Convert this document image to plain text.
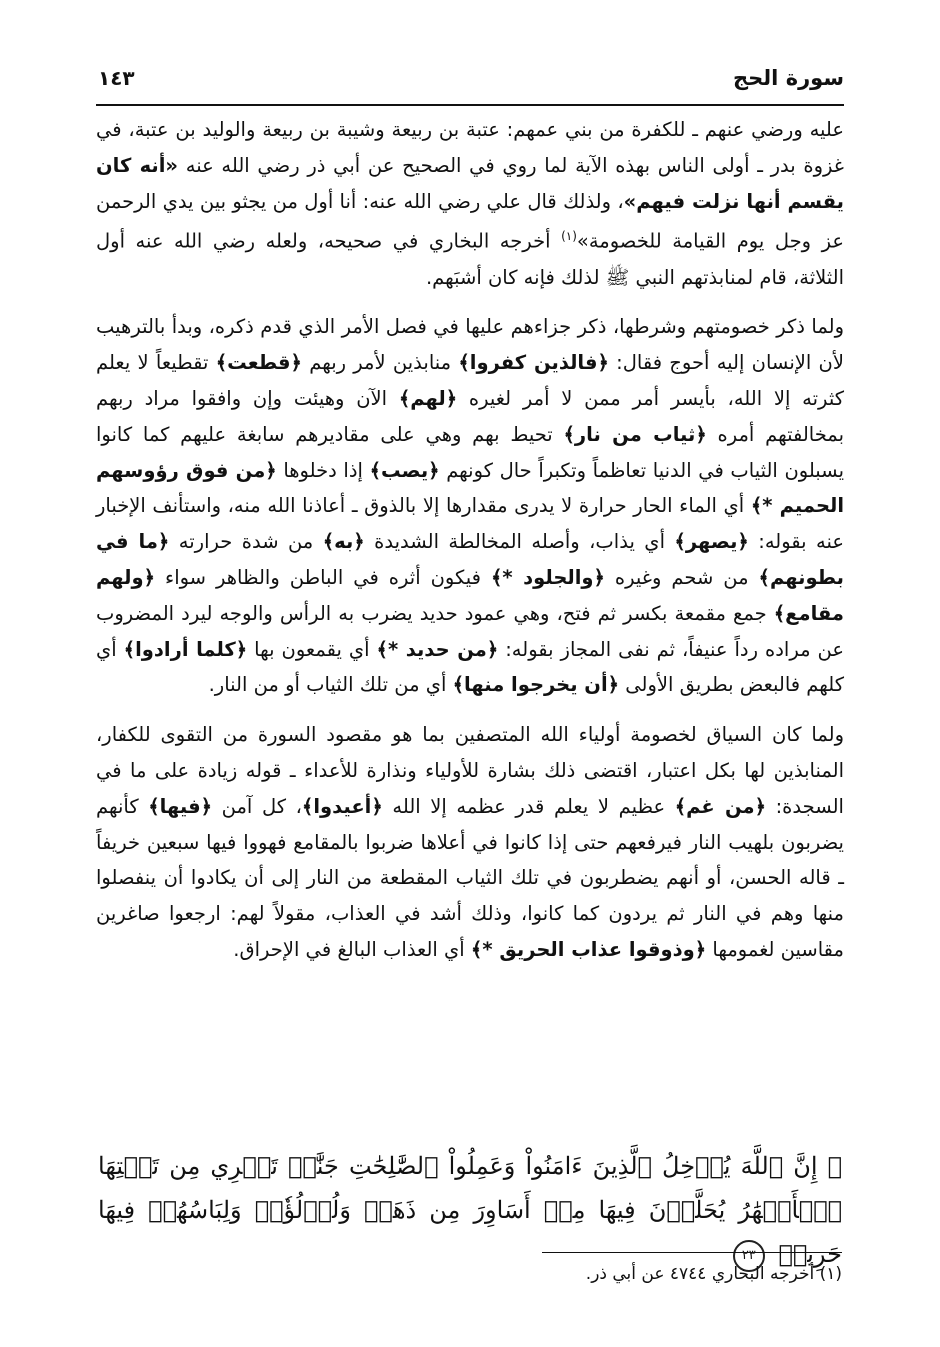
سورة الحج
١٤٣

عليه ورضي عنهم ـ للكفرة من بني عمهم: عتبة بن ربيعة وشيبة بن ربيعة والوليد بن عتبة، في غزوة بدر ـ أولى الناس بهذه الآية لما روي في الصحيح عن أبي ذر رضي الله عنه «أنه كان يقسم أنها نزلت فيهم»، ولذلك قال علي رضي الله عنه: أنا أول من يجثو بين يدي الرحمن عز وجل يوم القيامة للخصومة»$^{(١)}$ أخرجه البخاري في صحيحه، ولعله رضي الله عنه أول الثلاثة، قام لمنابذتهم النبي ﷺ لذلك فإنه كان أشبَهم.

ولما ذكر خصومتهم وشرطها، ذكر جزاءهم عليها في فصل الأمر الذي قدم ذكره، وبدأ بالترهيب لأن الإنسان إليه أحوج فقال: ﴿فالذين كفروا﴾ منابذين لأمر ربهم ﴿قطعت﴾ تقطيعاً لا يعلم كثرته إلا الله، بأيسر أمر ممن لا أمر لغيره ﴿لهم﴾ الآن وهيئت وإن وافقوا مراد ربهم بمخالفتهم أمره ﴿ثياب من نار﴾ تحيط بهم وهي على مقاديرهم سابغة عليهم كما كانوا يسبلون الثياب في الدنيا تعاظماً وتكبراً حال كونهم ﴿يصب﴾ إذا دخلوها ﴿من فوق رؤوسهم الحميم *﴾ أي الماء الحار حرارة لا يدرى مقدارها إلا بالذوق ـ أعاذنا الله منه، واستأنف الإخبار عنه بقوله: ﴿يصهر﴾ أي يذاب، وأصله المخالطة الشديدة ﴿به﴾ من شدة حرارته ﴿ما في بطونهم﴾ من شحم وغيره ﴿والجلود *﴾ فيكون أثره في الباطن والظاهر سواء ﴿ولهم مقامع﴾ جمع مقمعة بكسر ثم فتح، وهي عمود حديد يضرب به الرأس والوجه ليرد المضروب عن مراده رداً عنيفاً، ثم نفى المجاز بقوله: ﴿من حديد *﴾ أي يقمعون بها ﴿كلما أرادوا﴾ أي كلهم فالبعض بطريق الأولى ﴿أن يخرجوا منها﴾ أي من تلك الثياب أو من النار.

ولما كان السياق لخصومة أولياء الله المتصفين بما هو مقصود السورة من التقوى للكفار، المنابذين لها بكل اعتبار، اقتضى ذلك بشارة للأولياء ونذارة للأعداء ـ قوله زيادة على ما في السجدة: ﴿من غم﴾ عظيم لا يعلم قدر عظمه إلا الله ﴿أعيدوا﴾، كل آمن ﴿فيها﴾ كأنهم يضربون بلهيب النار فيرفعهم حتى إذا كانوا في أعلاها ضربوا بالمقامع فهووا فيها سبعين خريفاً ـ قاله الحسن، أو أنهم يضطربون في تلك الثياب المقطعة من النار إلى أن يكادوا أن ينفصلوا منها وهم في النار ثم يردون كما كانوا، وذلك أشد في العذاب، مقولاً لهم: ارجعوا صاغرين مقاسين لغمومها ﴿وذوقوا عذاب الحريق *﴾ أي العذاب البالغ في الإحراق.

﴿ إِنَّ ٱللَّهَ يُدۡخِلُ ٱلَّذِينَ ءَامَنُواْ وَعَمِلُواْ ٱلصَّٰلِحَٰتِ جَنَّٰتٖ تَجۡرِي مِن تَحۡتِهَا ٱلۡأَنۡهَٰرُ يُحَلَّوۡنَ فِيهَا مِنۡ أَسَاوِرَ مِن ذَهَبٖ وَلُؤۡلُؤٗاۖ وَلِبَاسُهُمۡ فِيهَا حَرِيرٞ ٢٣
(١) أخرجه البخاري ٤٧٤٤ عن أبي ذر.
